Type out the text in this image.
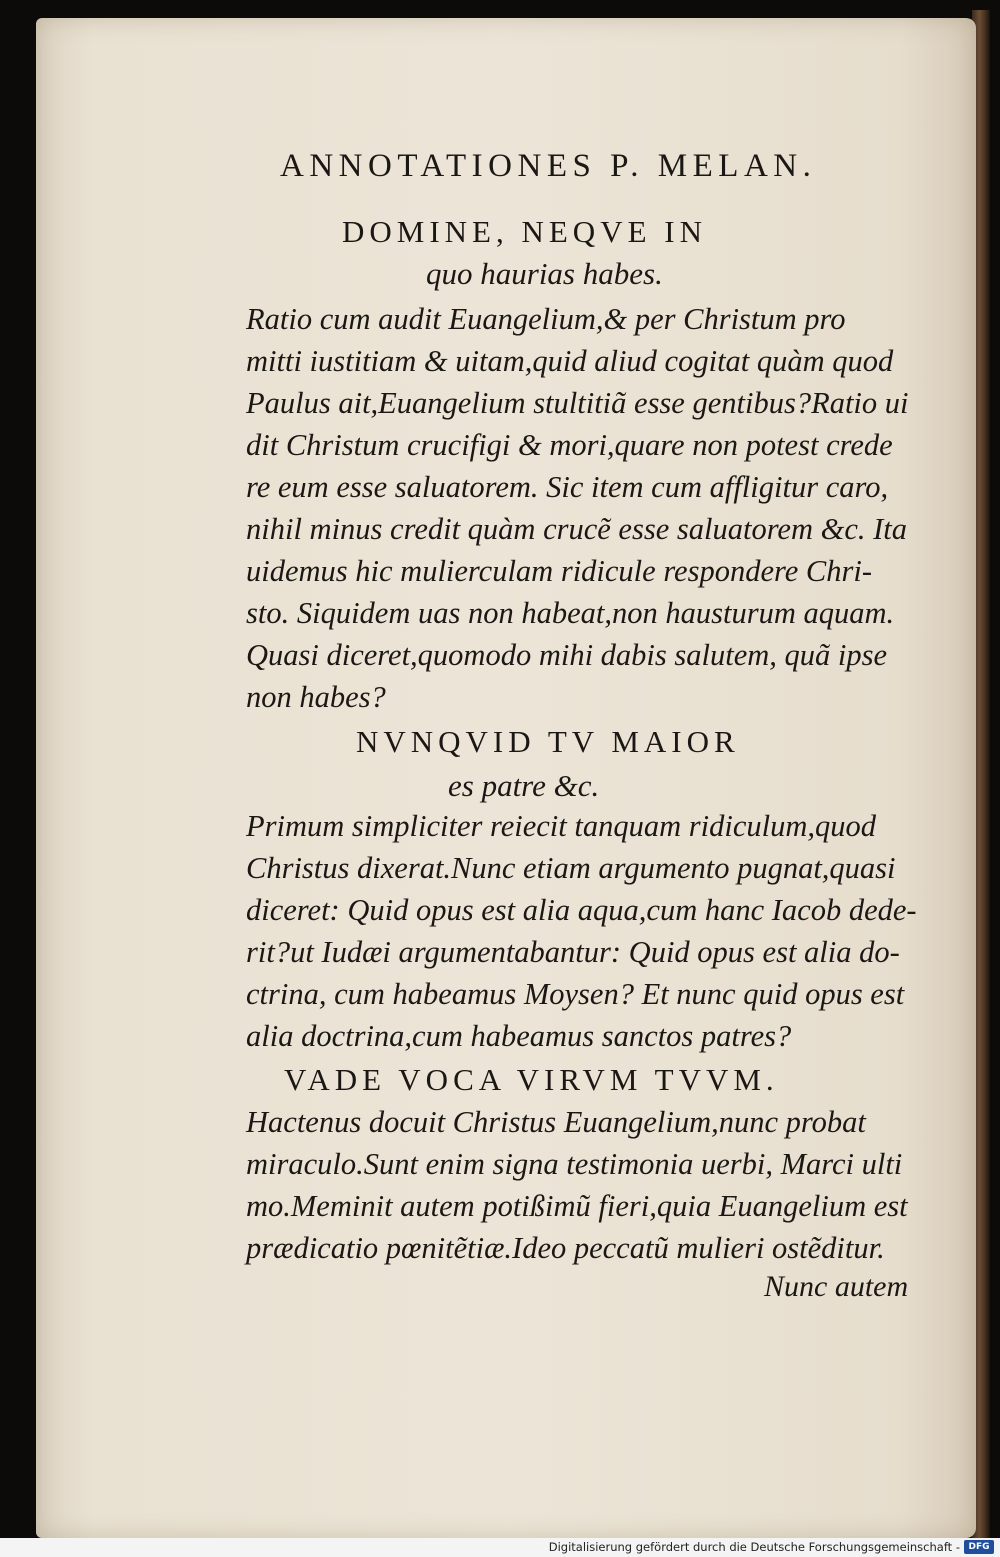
ANNOTATIONES P. MELAN.
DOMINE, NEQVE IN
quo haurias habes.
Ratio cum audit Euangelium,& per Christum pro
mitti iustitiam & uitam,quid aliud cogitat quàm quod
Paulus ait,Euangelium stultitiã esse gentibus?Ratio ui
dit Christum crucifigi & mori,quare non potest crede
re eum esse saluatorem. Sic item cum affligitur caro,
nihil minus credit quàm crucẽ esse saluatorem &c. Ita
uidemus hic mulierculam ridicule respondere Chri-
sto. Siquidem uas non habeat,non hausturum aquam.
Quasi diceret,quomodo mihi dabis salutem, quã ipse
non habes?
NVNQVID TV MAIOR
es patre &c.
Primum simpliciter reiecit tanquam ridiculum,quod
Christus dixerat.Nunc etiam argumento pugnat,quasi
diceret: Quid opus est alia aqua,cum hanc Iacob dede-
rit?ut Iudæi argumentabantur: Quid opus est alia do-
ctrina, cum habeamus Moysen? Et nunc quid opus est
alia doctrina,cum habeamus sanctos patres?
VADE VOCA VIRVM TVVM.
Hactenus docuit Christus Euangelium,nunc probat
miraculo.Sunt enim signa testimonia uerbi, Marci ulti
mo.Meminit autem potißimũ fieri,quia Euangelium est
prædicatio pœnitẽtiæ.Ideo peccatũ mulieri ostẽditur.
Nunc autem
Digitalisierung gefördert durch die Deutsche Forschungsgemeinschaft - DFG
